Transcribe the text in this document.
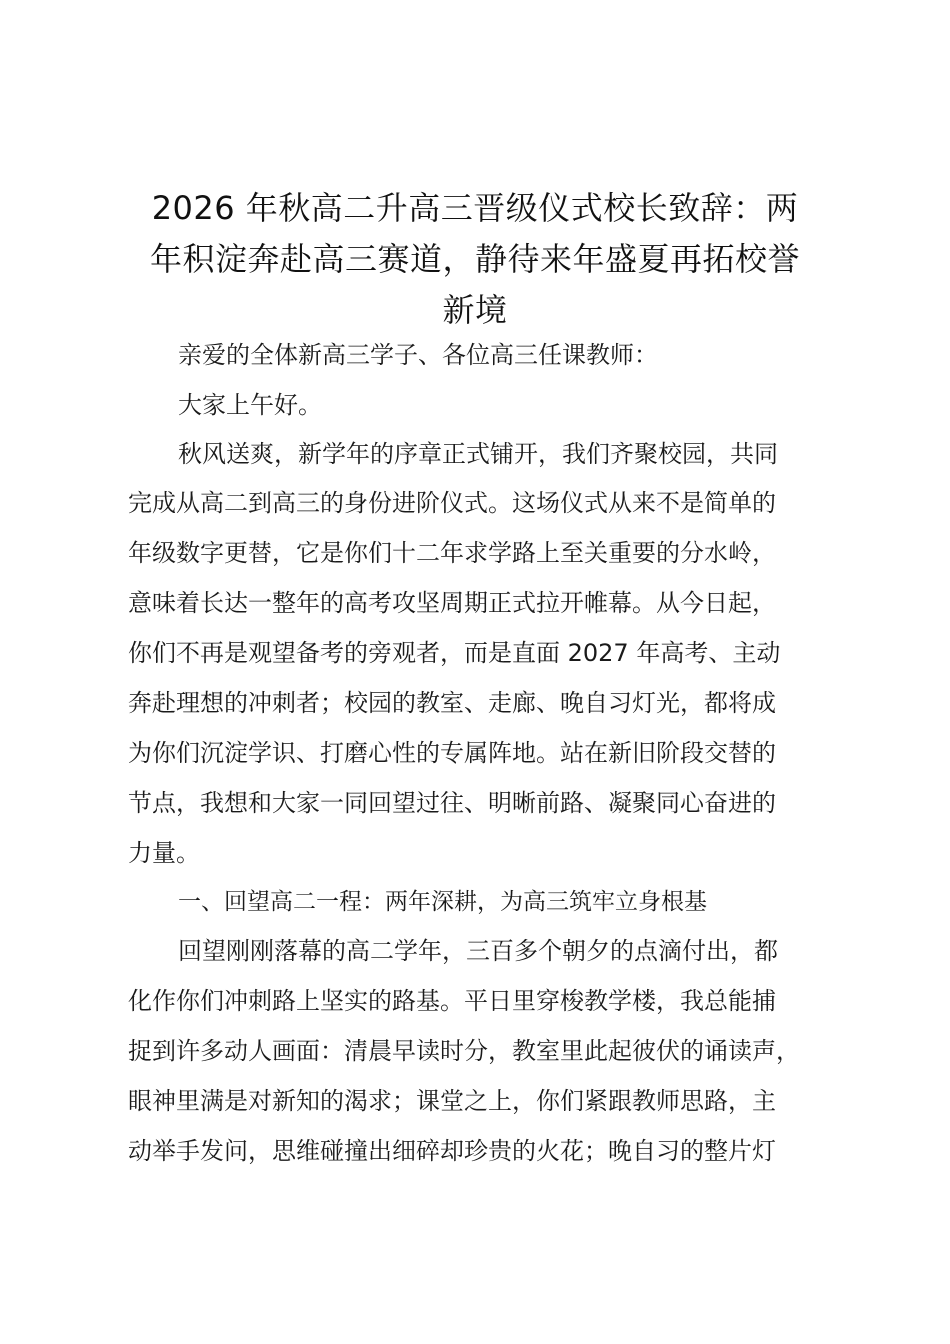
2026 年秋高二升高三晋级仪式校长致辞：两
年积淀奔赴高三赛道，静待来年盛夏再拓校誉
新境
亲爱的全体新高三学子、各位高三任课教师：
大家上午好。
秋风送爽，新学年的序章正式铺开，我们齐聚校园，共同
完成从高二到高三的身份进阶仪式。这场仪式从来不是简单的
年级数字更替，它是你们十二年求学路上至关重要的分水岭，
意味着长达一整年的高考攻坚周期正式拉开帷幕。从今日起，
你们不再是观望备考的旁观者，而是直面 2027 年高考、主动
奔赴理想的冲刺者；校园的教室、走廊、晚自习灯光，都将成
为你们沉淀学识、打磨心性的专属阵地。站在新旧阶段交替的
节点，我想和大家一同回望过往、明晰前路、凝聚同心奋进的
力量。
一、回望高二一程：两年深耕，为高三筑牢立身根基
回望刚刚落幕的高二学年，三百多个朝夕的点滴付出，都
化作你们冲刺路上坚实的路基。平日里穿梭教学楼，我总能捕
捉到许多动人画面：清晨早读时分，教室里此起彼伏的诵读声，
眼神里满是对新知的渴求；课堂之上，你们紧跟教师思路，主
动举手发问，思维碰撞出细碎却珍贵的火花；晚自习的整片灯
